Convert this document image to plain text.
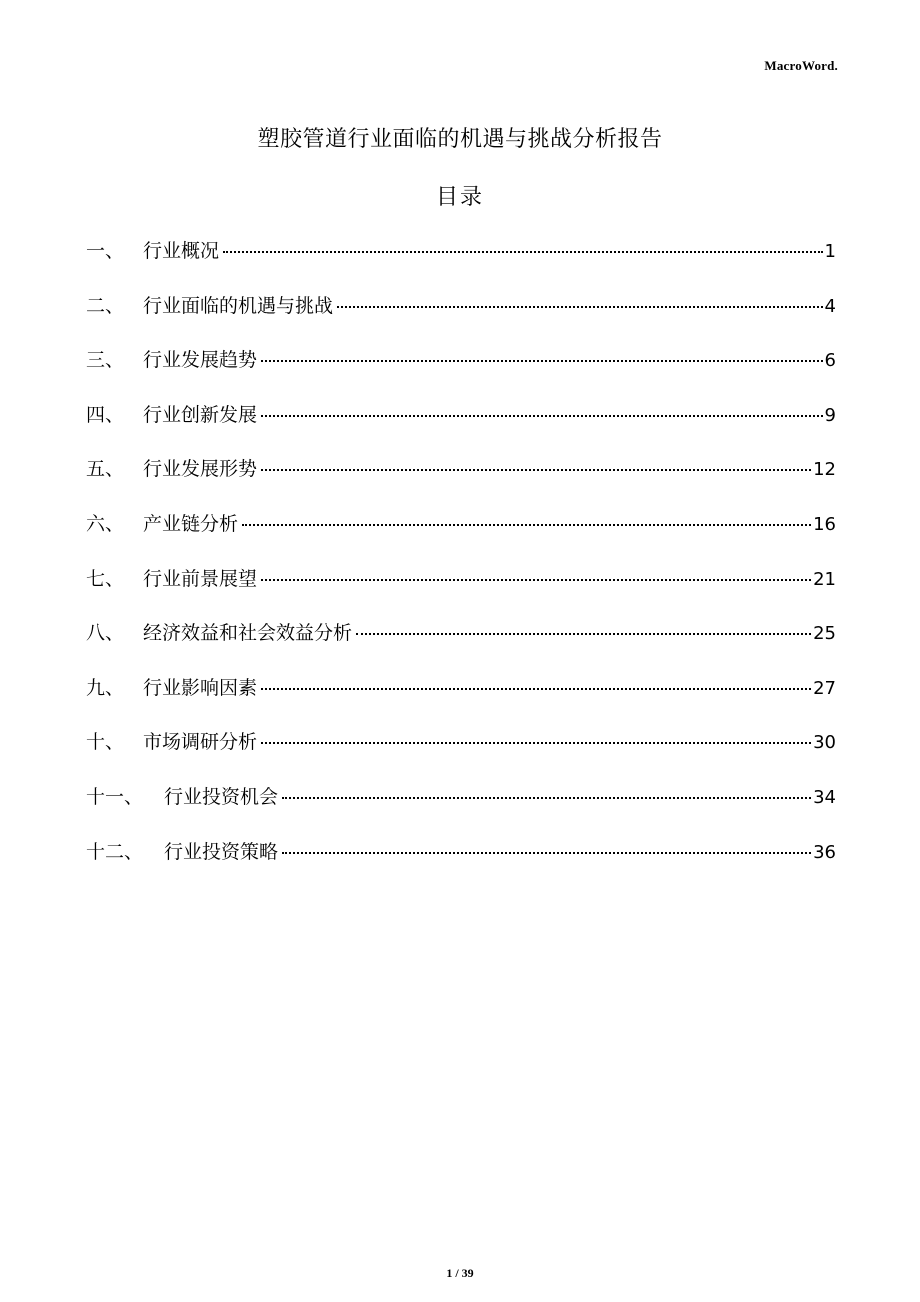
MacroWord.
塑胶管道行业面临的机遇与挑战分析报告
目录
一、 行业概况	1
二、 行业面临的机遇与挑战	4
三、 行业发展趋势	6
四、 行业创新发展	9
五、 行业发展形势	12
六、 产业链分析	16
七、 行业前景展望	21
八、 经济效益和社会效益分析	25
九、 行业影响因素	27
十、 市场调研分析	30
十一、	行业投资机会	34
十二、	行业投资策略	36
1 / 39
